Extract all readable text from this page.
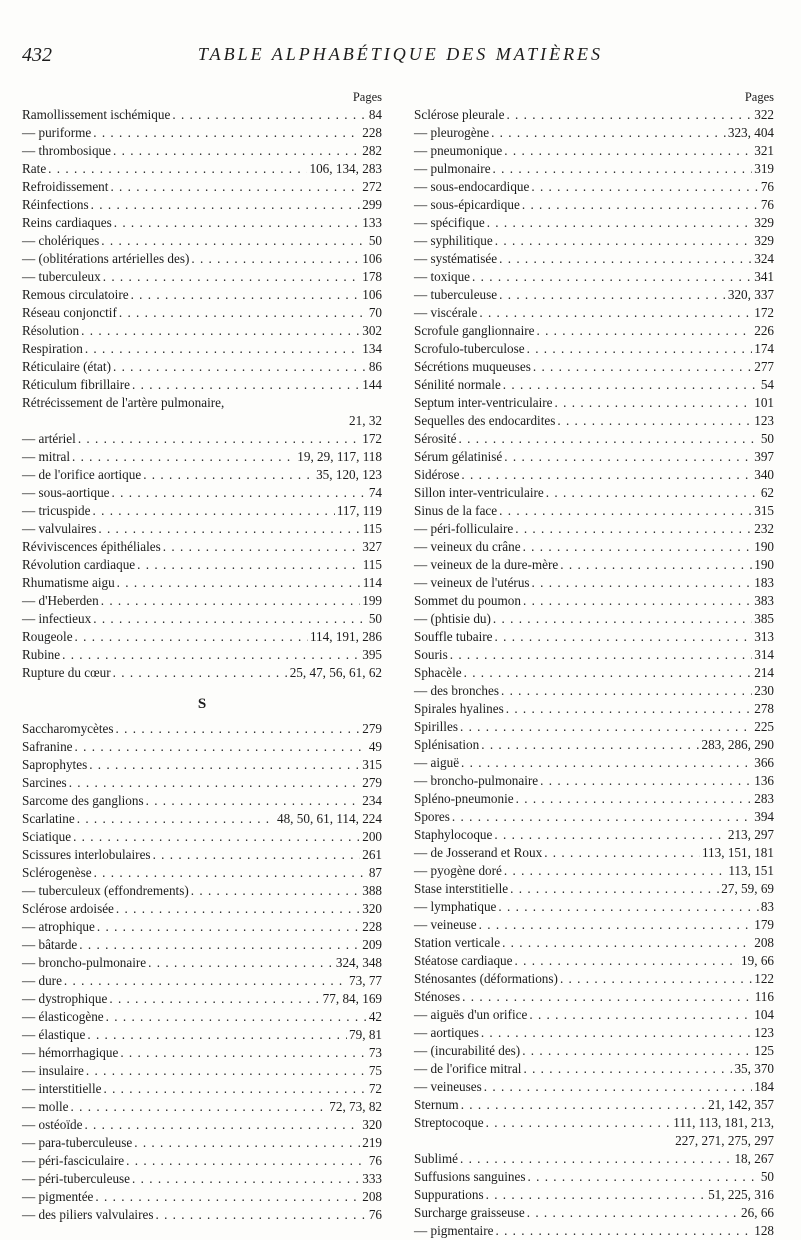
432	TABLE ALPHABÉTIQUE DES MATIÈRES
Pages
Ramollissement ischémique . . .	84
— puriforme . . .	228
— thrombosique . . .	282
Rate . . .	106, 134, 283
Refroidissement . . .	272
Réinfections . . .	299
Reins cardiaques . . .	133
— cholériques . . .	50
— (oblitérations artérielles des) . . .	106
— tuberculeux . . .	178
Remous circulatoire . . .	106
Réseau conjonctif . . .	70
Résolution . . .	302
Respiration . . .	134
Réticulaire (état) . . .	86
Réticulum fibrillaire . . .	144
Rétrécissement de l'artère pulmonaire,
21, 32
— artériel . . .	172
— mitral . . .	19, 29, 117, 118
— de l'orifice aortique . . .	35, 120, 123
— sous-aortique . . .	74
— tricuspide . . .	117, 119
— valvulaires . . .	115
Réviviscences épithéliales . . .	327
Révolution cardiaque . . .	115
Rhumatisme aigu . . .	114
— d'Heberden . . .	199
— infectieux . . .	50
Rougeole . . .	114, 191, 286
Rubine . . .	395
Rupture du cœur . . .	25, 47, 56, 61, 62
S
Saccharomycètes . . .	279
Safranine . . .	49
Saprophytes . . .	315
Sarcines . . .	279
Sarcome des ganglions . . .	234
Scarlatine . . .	48, 50, 61, 114, 224
Sciatique . . .	200
Scissures interlobulaires . . .	261
Sclérogenèse . . .	87
— tuberculeux (effondrements) . . .	388
Sclérose ardoisée . . .	320
— atrophique . . .	228
— bâtarde . . .	209
— broncho-pulmonaire . . .	324, 348
— dure . . .	73, 77
— dystrophique . . .	77, 84, 169
— élasticogène . . .	42
— élastique . . .	79, 81
— hémorrhagique . . .	73
— insulaire . . .	75
— interstitielle . . .	72
— molle . . .	72, 73, 82
— ostéoïde . . .	320
— para-tuberculeuse . . .	219
— péri-fasciculaire . . .	76
— péri-tuberculeuse . . .	333
— pigmentée . . .	208
— des piliers valvulaires . . .	76
Pages
Sclérose pleurale . . .	322
— pleurogène . . .	323, 404
— pneumonique . . .	321
— pulmonaire . . .	319
— sous-endocardique . . .	76
— sous-épicardique . . .	76
— spécifique . . .	329
— syphilitique . . .	329
— systématisée . . .	324
— toxique . . .	341
— tuberculeuse . . .	320, 337
— viscérale . . .	172
Scrofule ganglionnaire . . .	226
Scrofulo-tuberculose . . .	174
Sécrétions muqueuses . . .	277
Sénilité normale . . .	54
Septum inter-ventriculaire . . .	101
Sequelles des endocardites . . .	123
Sérosité . . .	50
Sérum gélatinisé . . .	397
Sidérose . . .	340
Sillon inter-ventriculaire . . .	62
Sinus de la face . . .	315
— péri-folliculaire . . .	232
— veineux du crâne . . .	190
— veineux de la dure-mère . . .	190
— veineux de l'utérus . . .	183
Sommet du poumon . . .	383
— (phtisie du) . . .	385
Souffle tubaire . . .	313
Souris . . .	314
Sphacèle . . .	214
— des bronches . . .	230
Spirales hyalines . . .	278
Spirilles . . .	225
Splénisation . . .	283, 286, 290
— aiguë . . .	366
— broncho-pulmonaire . . .	136
Spléno-pneumonie . . .	283
Spores . . .	394
Staphylocoque . . .	213, 297
— de Josserand et Roux . . .	113, 151, 181
— pyogène doré . . .	113, 151
Stase interstitielle . . .	27, 59, 69
— lymphatique . . .	83
— veineuse . . .	179
Station verticale . . .	208
Stéatose cardiaque . . .	19, 66
Sténosantes (déformations) . . .	122
Sténoses . . .	116
— aiguës d'un orifice . . .	104
— aortiques . . .	123
— (incurabilité des) . . .	125
— de l'orifice mitral . . .	35, 370
— veineuses . . .	184
Sternum . . .	21, 142, 357
Streptocoque . . .	111, 113, 181, 213,
227, 271, 275, 297
Sublimé . . .	18, 267
Suffusions sanguines . . .	50
Suppurations . . .	51, 225, 316
Surcharge graisseuse . . .	26, 66
— pigmentaire . . .	128
